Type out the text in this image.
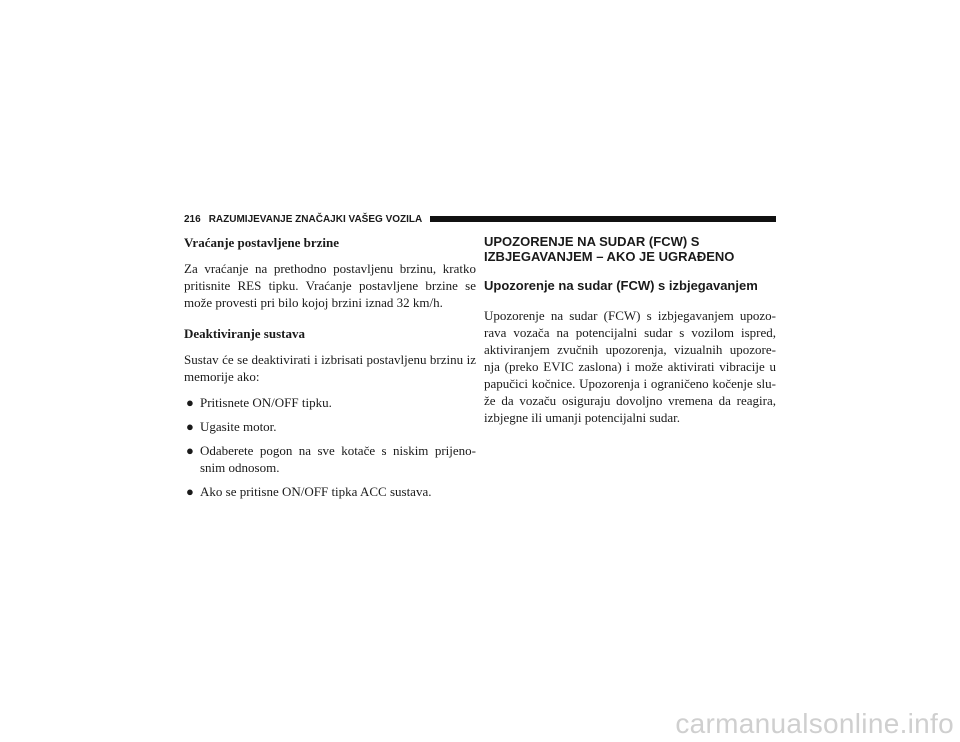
216 RAZUMIJEVANJE ZNAČAJKI VAŠEG VOZILA
Vraćanje postavljene brzine

Za vraćanje na prethodno postavljenu brzinu, kratko pritisnite RES tipku. Vraćanje postavljene brzine se može provesti pri bilo kojoj brzini iznad 32 km/h.

Deaktiviranje sustava

Sustav će se deaktivirati i izbrisati postavljenu brzinu iz memorije ako:

● Pritisnete ON/OFF tipku.
● Ugasite motor.
● Odaberete pogon na sve kotače s niskim prijeno- snim odnosom.
● Ako se pritisne ON/OFF tipka ACC sustava.
UPOZORENJE NA SUDAR (FCW) S
IZBJEGAVANJEM – AKO JE UGRAĐENO
Upozorenje na sudar (FCW) s izbjegavanjem

Upozorenje na sudar (FCW) s izbjegavanjem upozo- rava vozača na potencijalni sudar s vozilom ispred, aktiviranjem zvučnih upozorenja, vizualnih upozore- nja (preko EVIC zaslona) i može aktivirati vibracije u papučici kočnice. Upozorenja i ograničeno kočenje slu- že da vozaču osiguraju dovoljno vremena da reagira, izbjegne ili umanji potencijalni sudar.

carmanualsonline.info
